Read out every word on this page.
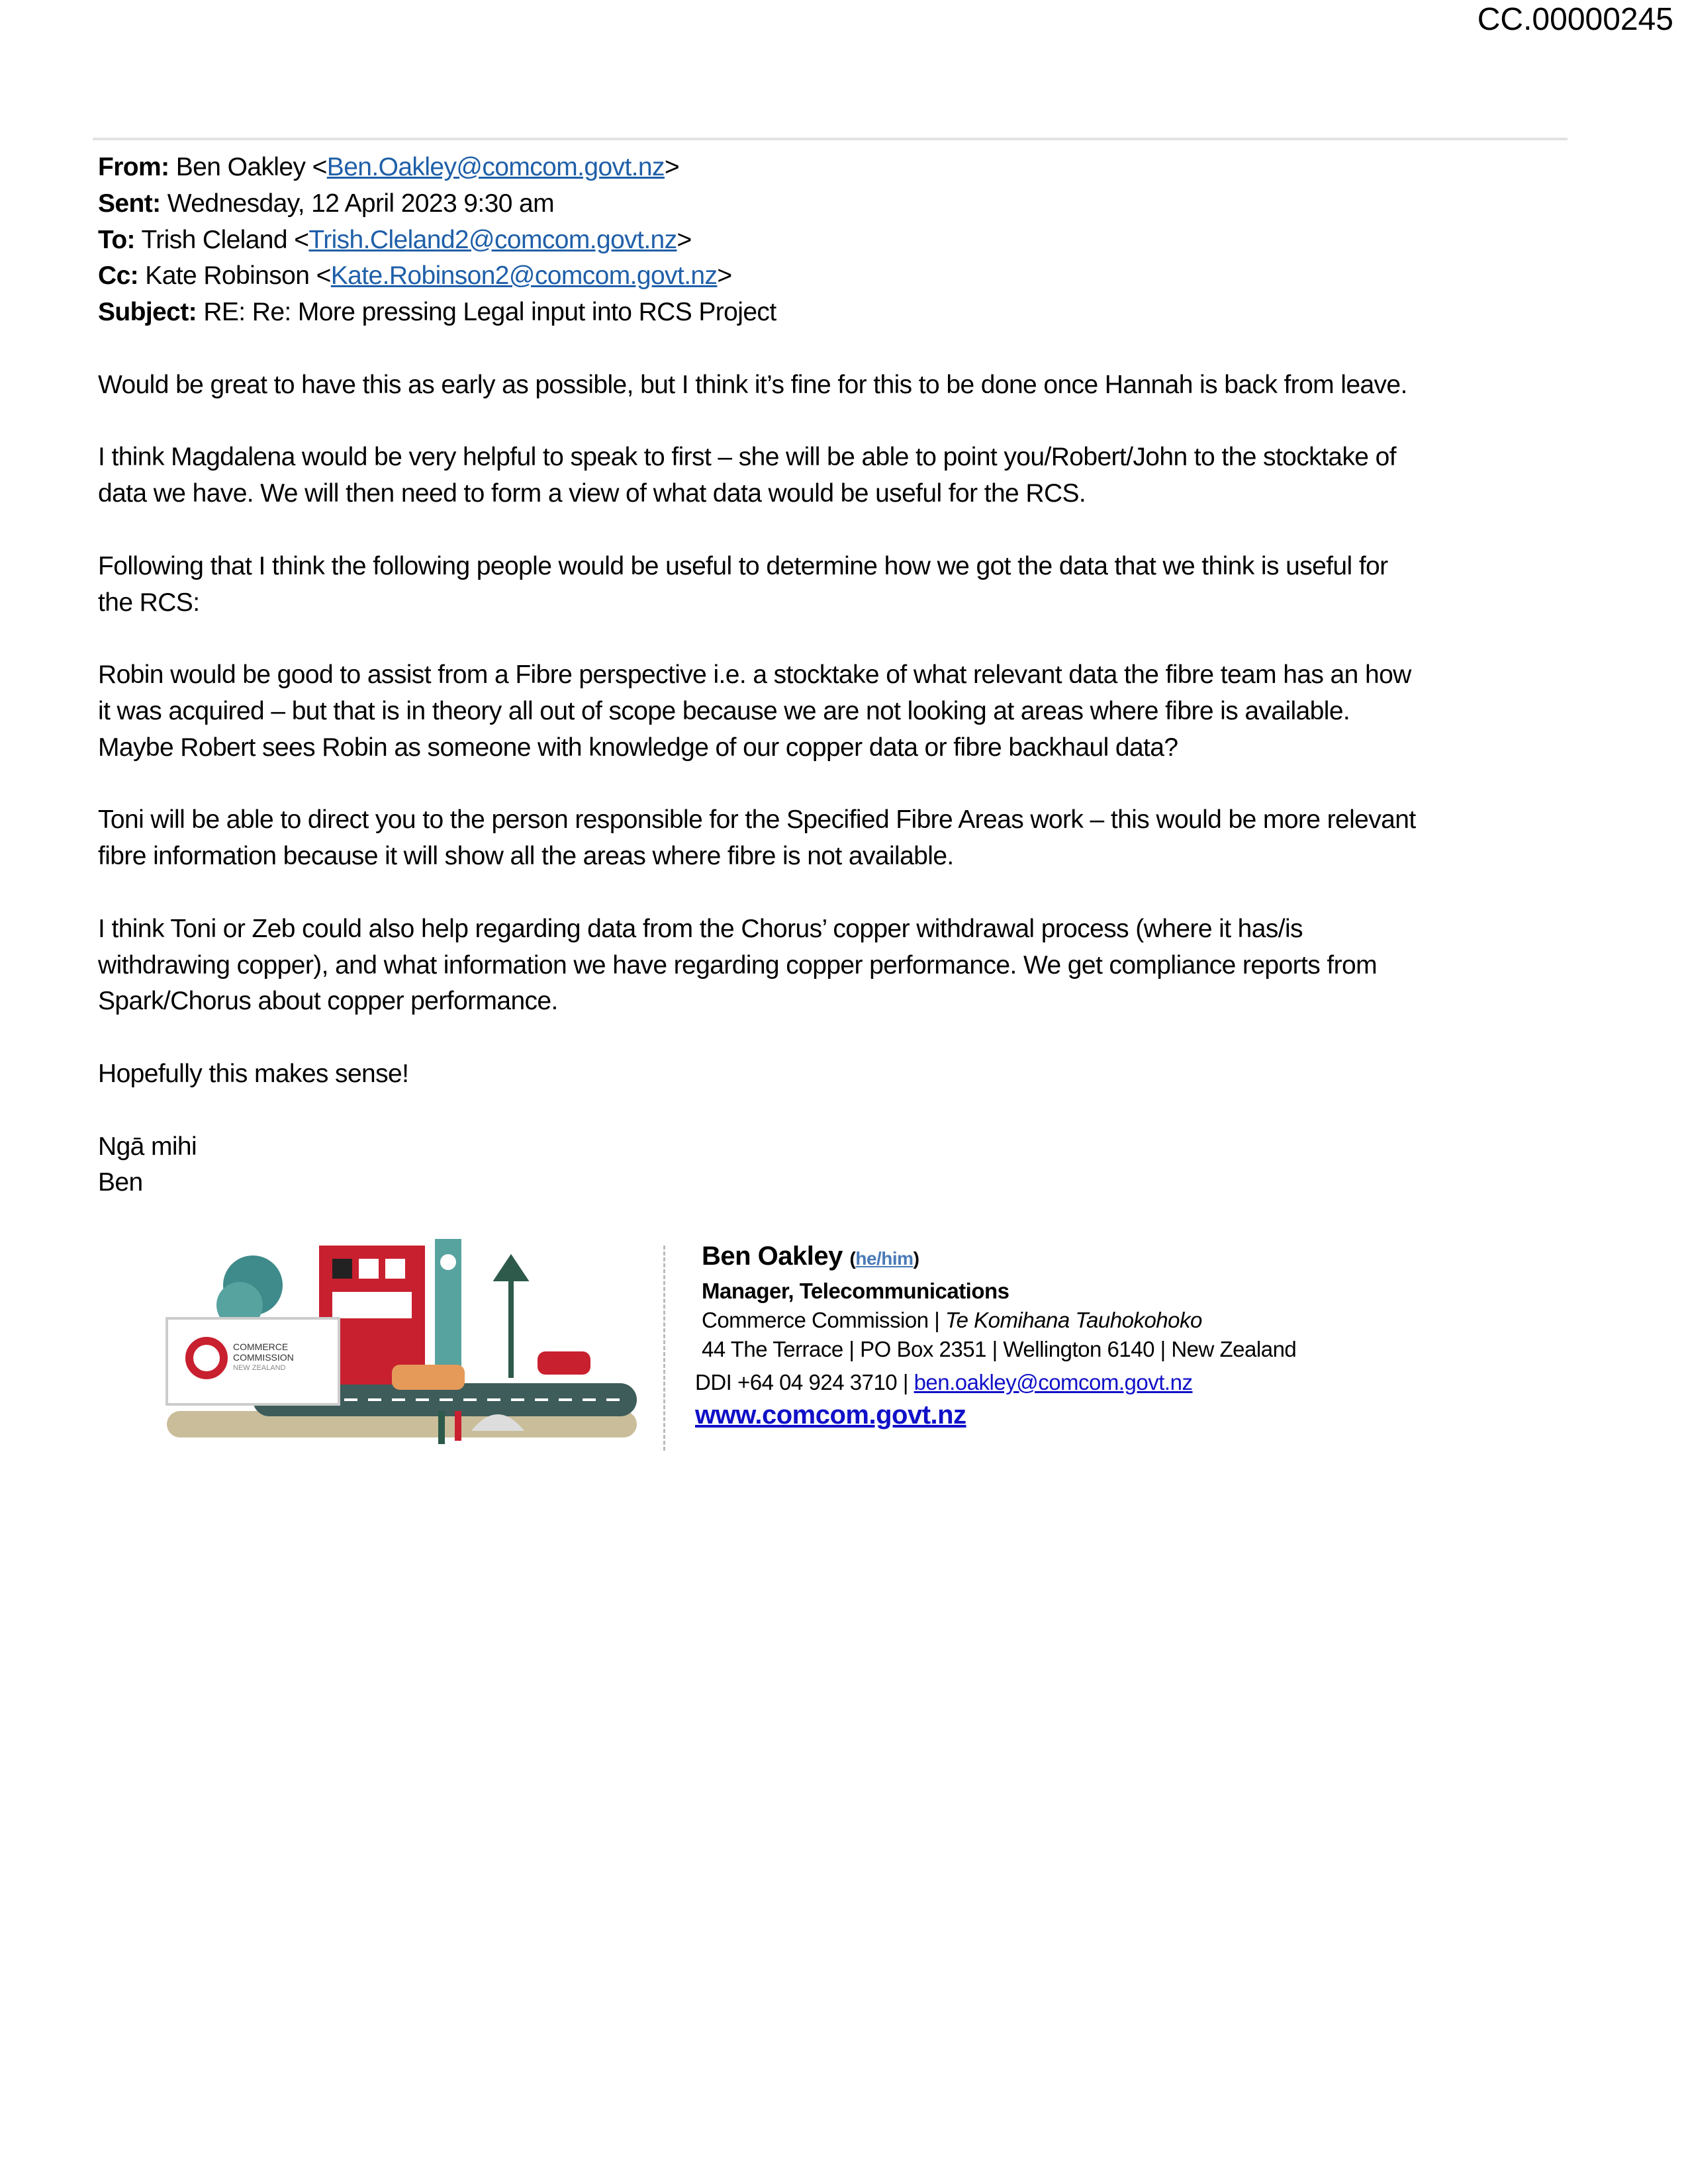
CC.00000245
From: Ben Oakley <Ben.Oakley@comcom.govt.nz>
Sent: Wednesday, 12 April 2023 9:30 am
To: Trish Cleland <Trish.Cleland2@comcom.govt.nz>
Cc: Kate Robinson <Kate.Robinson2@comcom.govt.nz>
Subject: RE: Re: More pressing Legal input into RCS Project
Would be great to have this as early as possible, but I think it’s fine for this to be done once Hannah is back from leave.
I think Magdalena would be very helpful to speak to first – she will be able to point you/Robert/John to the stocktake of
data we have. We will then need to form a view of what data would be useful for the RCS.
Following that I think the following people would be useful to determine how we got the data that we think is useful for
the RCS:
Robin would be good to assist from a Fibre perspective i.e. a stocktake of what relevant data the fibre team has an how
it was acquired – but that is in theory all out of scope because we are not looking at areas where fibre is available.
Maybe Robert sees Robin as someone with knowledge of our copper data or fibre backhaul data?
Toni will be able to direct you to the person responsible for the Specified Fibre Areas work – this would be more relevant
fibre information because it will show all the areas where fibre is not available.
I think Toni or Zeb could also help regarding data from the Chorus’ copper withdrawal process (where it has/is
withdrawing copper), and what information we have regarding copper performance. We get compliance reports from
Spark/Chorus about copper performance.
Hopefully this makes sense!
Ngā mihi
Ben
COMMERCE
COMMISSION
NEW ZEALAND
Ben Oakley (he/him)
Manager, Telecommunications
Commerce Commission | Te Komihana Tauhokohoko
44 The Terrace | PO Box 2351 | Wellington 6140 | New Zealand
DDI +64 04 924 3710 | ben.oakley@comcom.govt.nz
www.comcom.govt.nz
